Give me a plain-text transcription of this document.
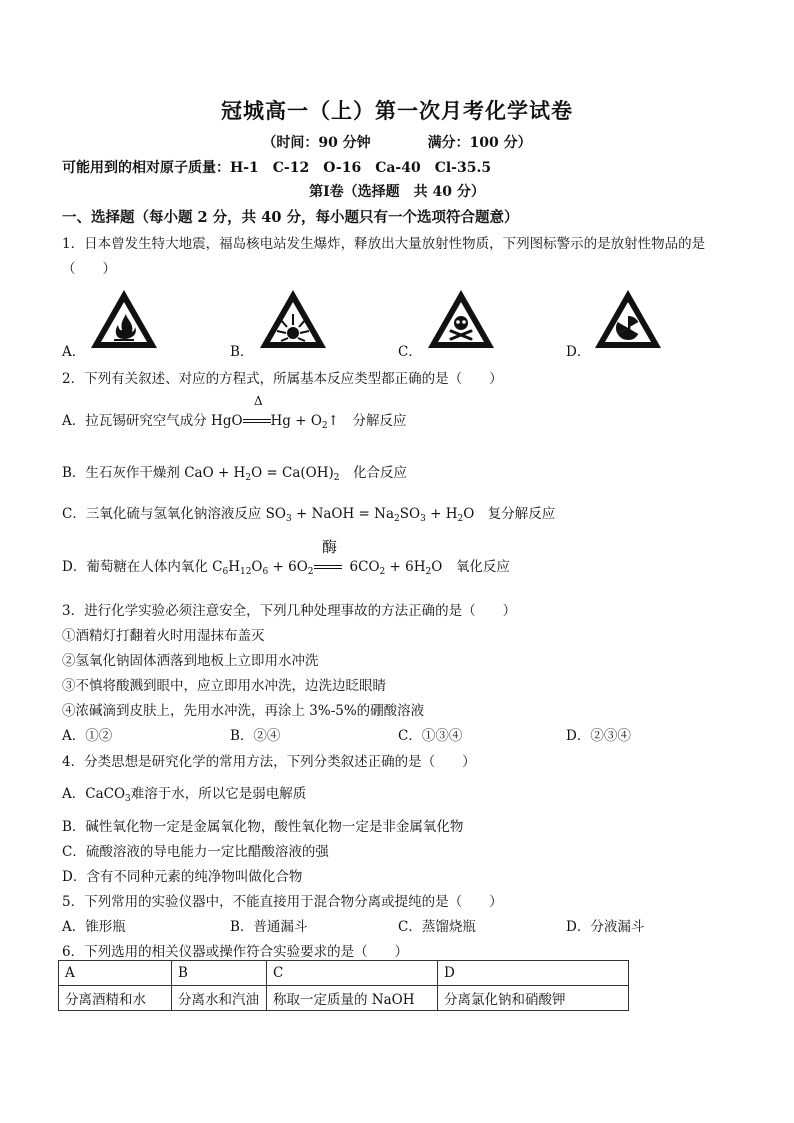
冠城高一（上）第一次月考化学试卷
（时间：90 分钟	满分：100 分）
可能用到的相对原子质量：H-1　C-12　O-16　Ca-40　Cl-35.5
第Ⅰ卷（选择题　共 40 分）
一、选择题（每小题 2 分，共 40 分，每小题只有一个选项符合题意）
1．日本曾发生特大地震，福岛核电站发生爆炸，释放出大量放射性物质，下列图标警示的是放射性物品的是
（　　）
A．	B．	C．	D．
2．下列有关叙述、对应的方程式，所属基本反应类型都正确的是（　　）
A．拉瓦锡研究空气成分 HgO $Hg + O_2↑$　分解反应
Δ
B．生石灰作干燥剂 CaO + $H_2O = Ca(OH)_2$　化合反应
C．三氧化硫与氢氧化钠溶液反应 $SO_3$ + NaOH = $Na_2SO_3 + H_2O$　复分解反应
D．葡萄糖在人体内氧化 $C_6H_{12}O_6 + 6O_2$	$6CO_2 + 6H_2O$　氧化反应
酶
3．进行化学实验必须注意安全，下列几种处理事故的方法正确的是（　　）
①酒精灯打翻着火时用湿抹布盖灭
②氢氧化钠固体洒落到地板上立即用水冲洗
③不慎将酸溅到眼中，应立即用水冲洗，边洗边眨眼睛
④浓碱滴到皮肤上，先用水冲洗，再涂上 3%-5%的硼酸溶液
A．①②	B．②④	C．①③④	D．②③④
4．分类思想是研究化学的常用方法，下列分类叙述正确的是（　　）
A．CaCO$_3$难溶于水，所以它是弱电解质
B．碱性氧化物一定是金属氧化物，酸性氧化物一定是非金属氧化物
C．硫酸溶液的导电能力一定比醋酸溶液的强
D．含有不同种元素的纯净物叫做化合物
5．下列常用的实验仪器中，不能直接用于混合物分离或提纯的是（　　）
A．锥形瓶	B．普通漏斗	C．蒸馏烧瓶	D．分液漏斗
6．下列选用的相关仪器或操作符合实验要求的是（　　）
A	B	C	D
分离酒精和水	分离水和汽油	称取一定质量的 NaOH	分离氯化钠和硝酸钾
